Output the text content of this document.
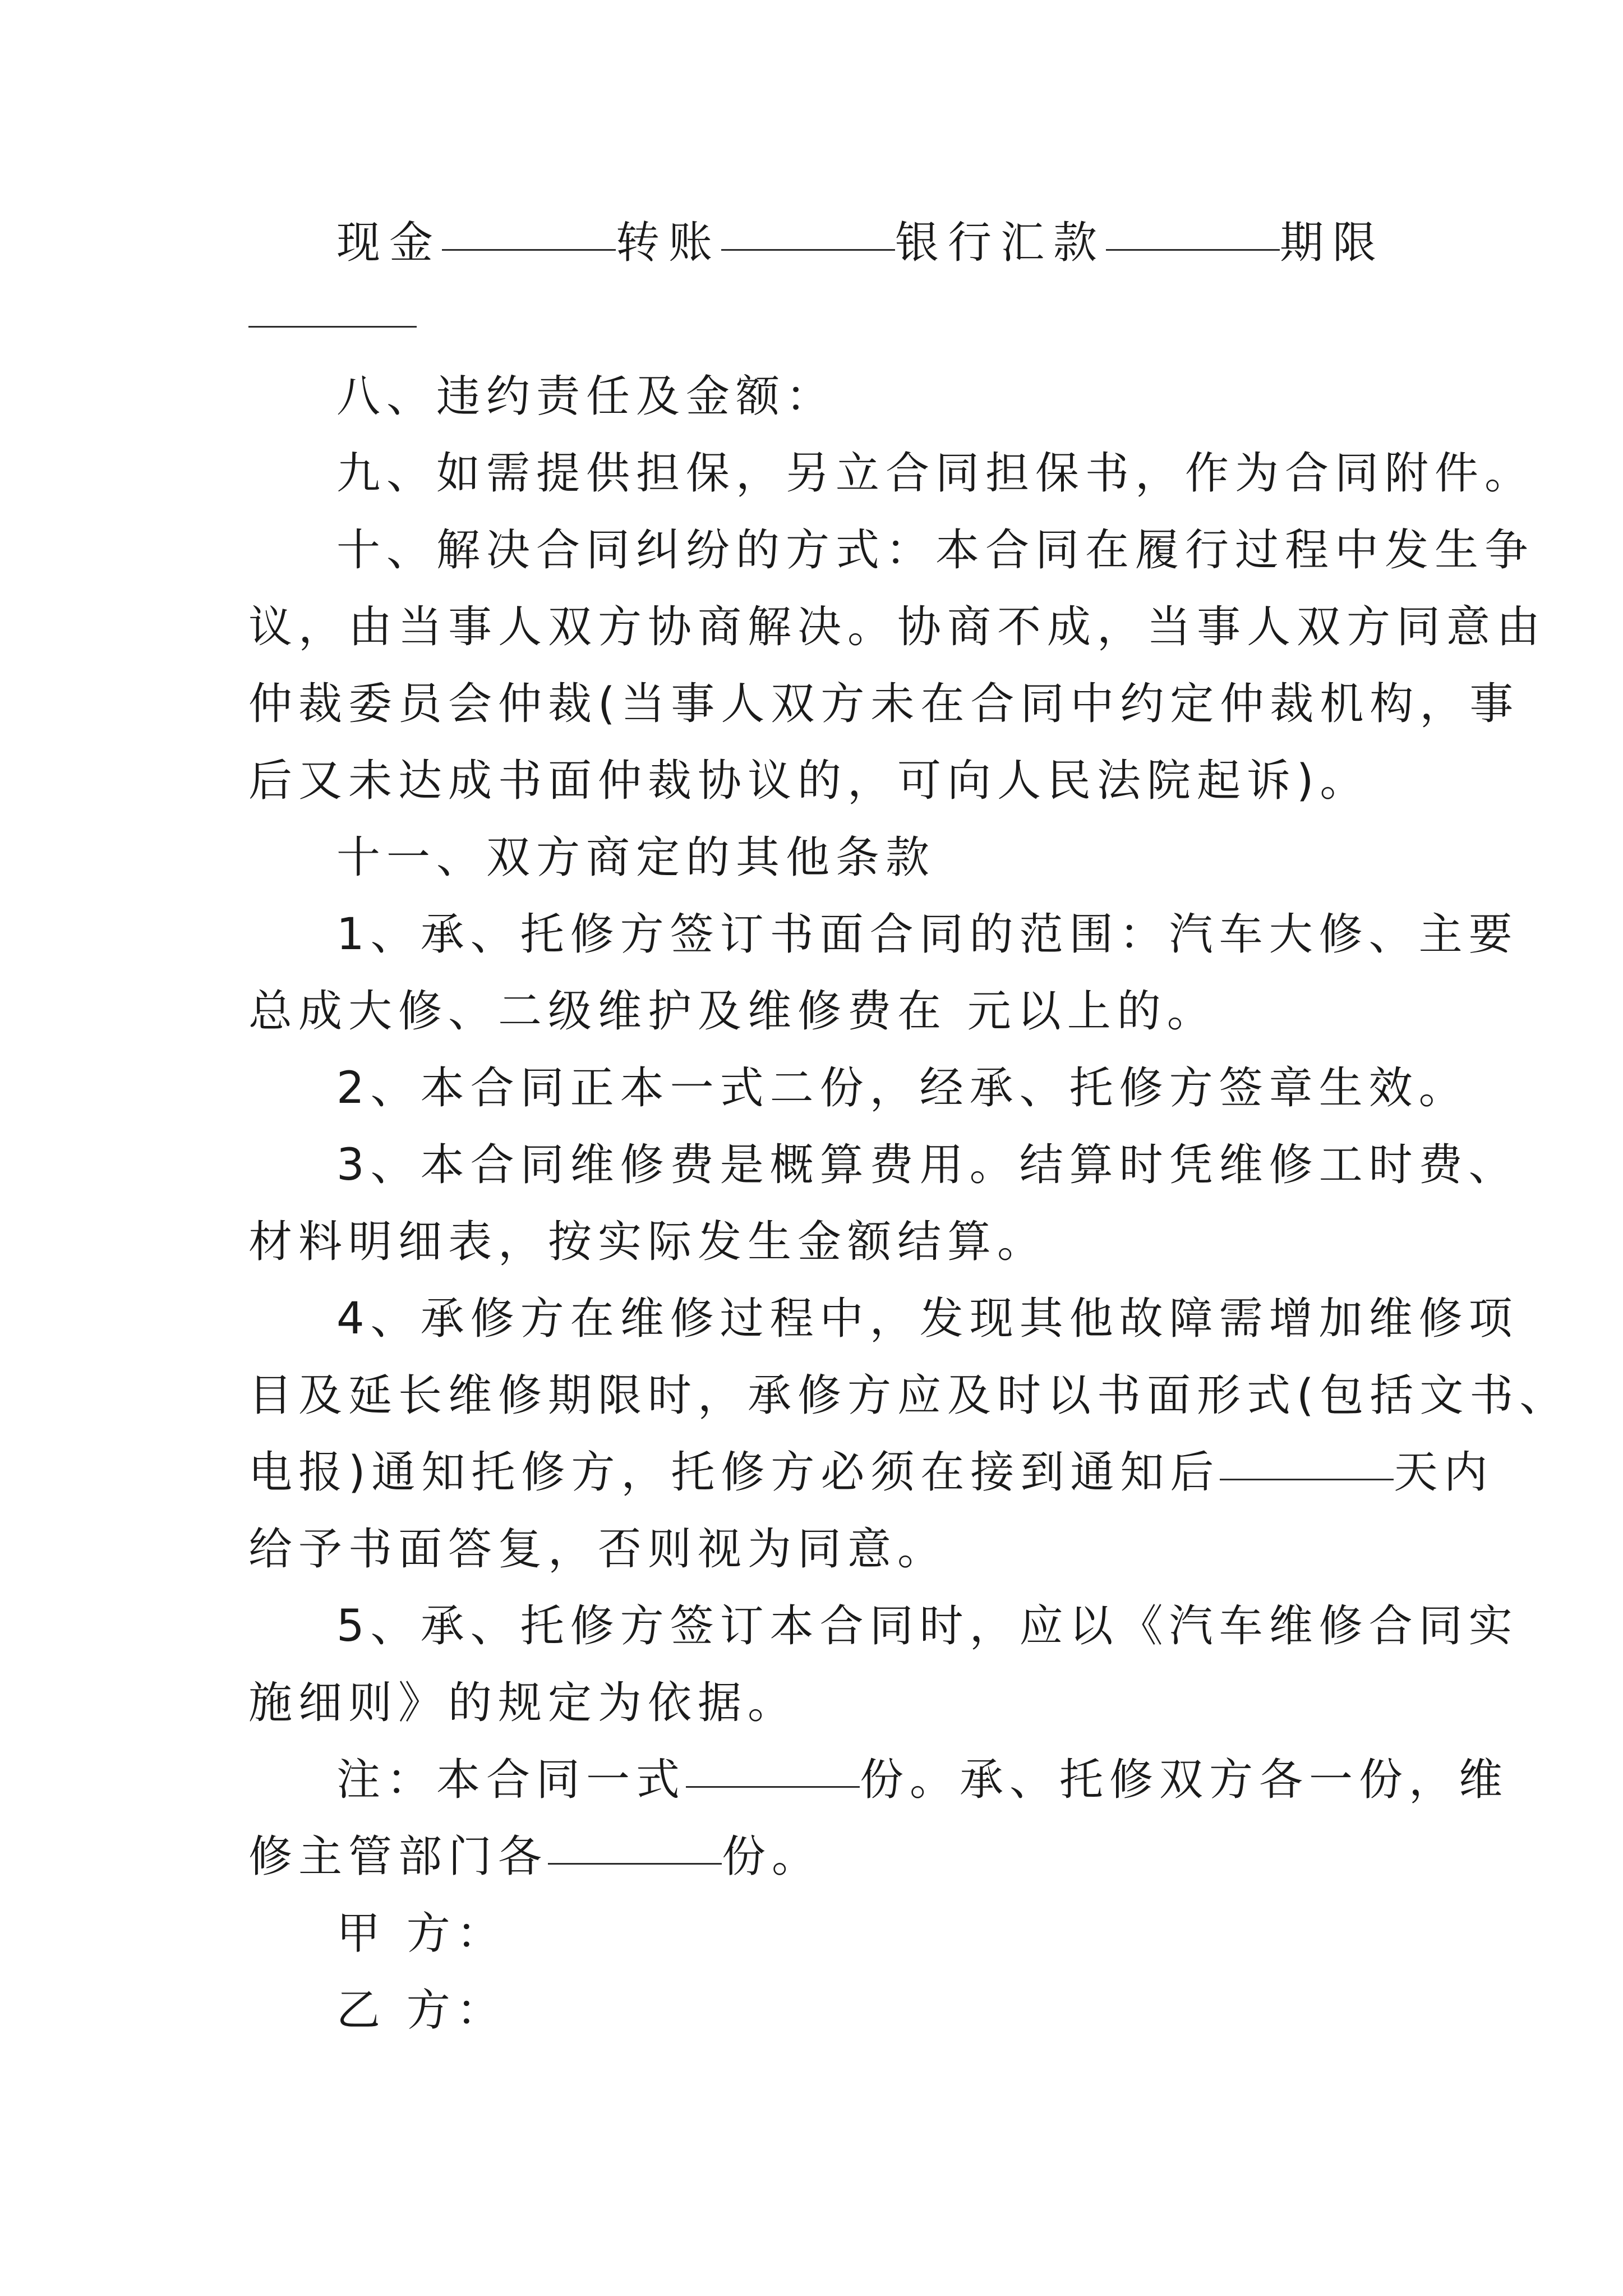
现金	转账	银行汇款	期限
八、违约责任及金额：
九、如需提供担保，另立合同担保书，作为合同附件。
十、解决合同纠纷的方式：本合同在履行过程中发生争
议，由当事人双方协商解决。协商不成，当事人双方同意由
仲裁委员会仲裁(当事人双方未在合同中约定仲裁机构，事
后又未达成书面仲裁协议的，可向人民法院起诉)。
十一、双方商定的其他条款
1、承、托修方签订书面合同的范围：汽车大修、主要
总成大修、二级维护及维修费在 元以上的。
2、本合同正本一式二份，经承、托修方签章生效。
3、本合同维修费是概算费用。结算时凭维修工时费、
材料明细表，按实际发生金额结算。
4、承修方在维修过程中，发现其他故障需增加维修项
目及延长维修期限时，承修方应及时以书面形式(包括文书、
电报)通知托修方，托修方必须在接到通知后	天内
给予书面答复，否则视为同意。
5、承、托修方签订本合同时，应以《汽车维修合同实
施细则》的规定为依据。
注：本合同一式	份。承、托修双方各一份，维
修主管部门各	份。
甲 方：
乙 方：
